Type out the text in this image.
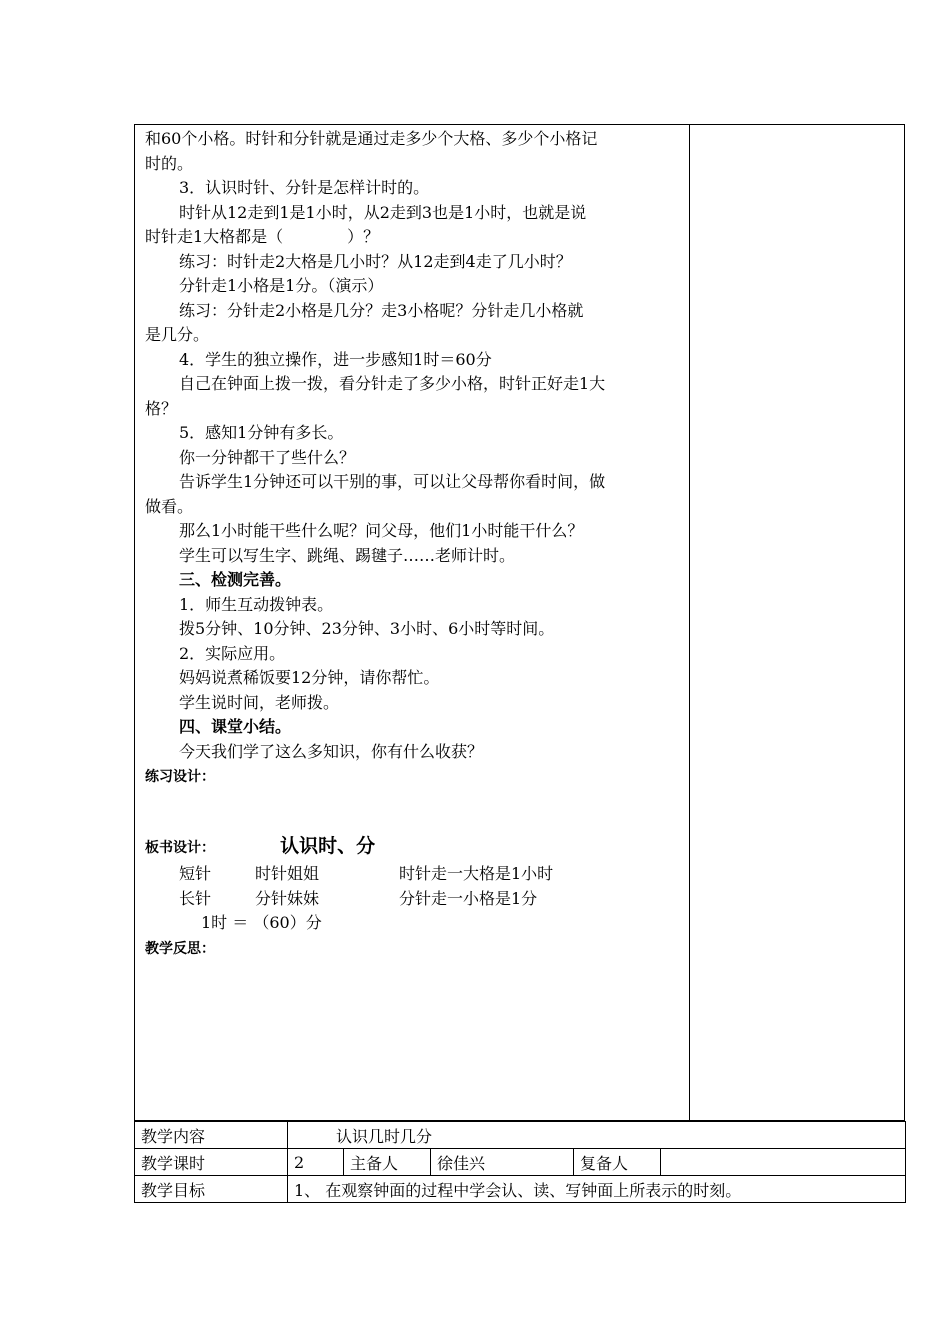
和60个小格。时针和分针就是通过走多少个大格、多少个小格记

时的。

3．认识时针、分针是怎样计时的。

时针从12走到1是1小时，从2走到3也是1小时，也就是说

时针走1大格都是（　　　　）？

练习：时针走2大格是几小时？从12走到4走了几小时？

分针走1小格是1分。（演示）

练习：分针走2小格是几分？走3小格呢？分针走几小格就

是几分。

4．学生的独立操作，进一步感知1时＝60分

自己在钟面上拨一拨，看分针走了多少小格，时针正好走1大

格？

5．感知1分钟有多长。

你一分钟都干了些什么？

告诉学生1分钟还可以干别的事，可以让父母帮你看时间，做

做看。

那么1小时能干些什么呢？问父母，他们1小时能干什么？

学生可以写生字、跳绳、踢毽子……老师计时。

三、检测完善。

1．师生互动拨钟表。

拨5分钟、10分钟、23分钟、3小时、6小时等时间。

2．实际应用。

妈妈说煮稀饭要12分钟，请你帮忙。

学生说时间，老师拨。

四、课堂小结。

今天我们学了这么多知识，你有什么收获？

练习设计：

板书设计：	认识时、分

短针	时针姐姐	时针走一大格是1小时

长针	分针妹妹	分针走一小格是1分

1时 ＝ （60）分

教学反思：

教学内容	认识几时几分				
教学课时	2	主备人	徐佳兴	复备人	
教学目标	1、 在观察钟面的过程中学会认、读、写钟面上所表示的时刻。				
